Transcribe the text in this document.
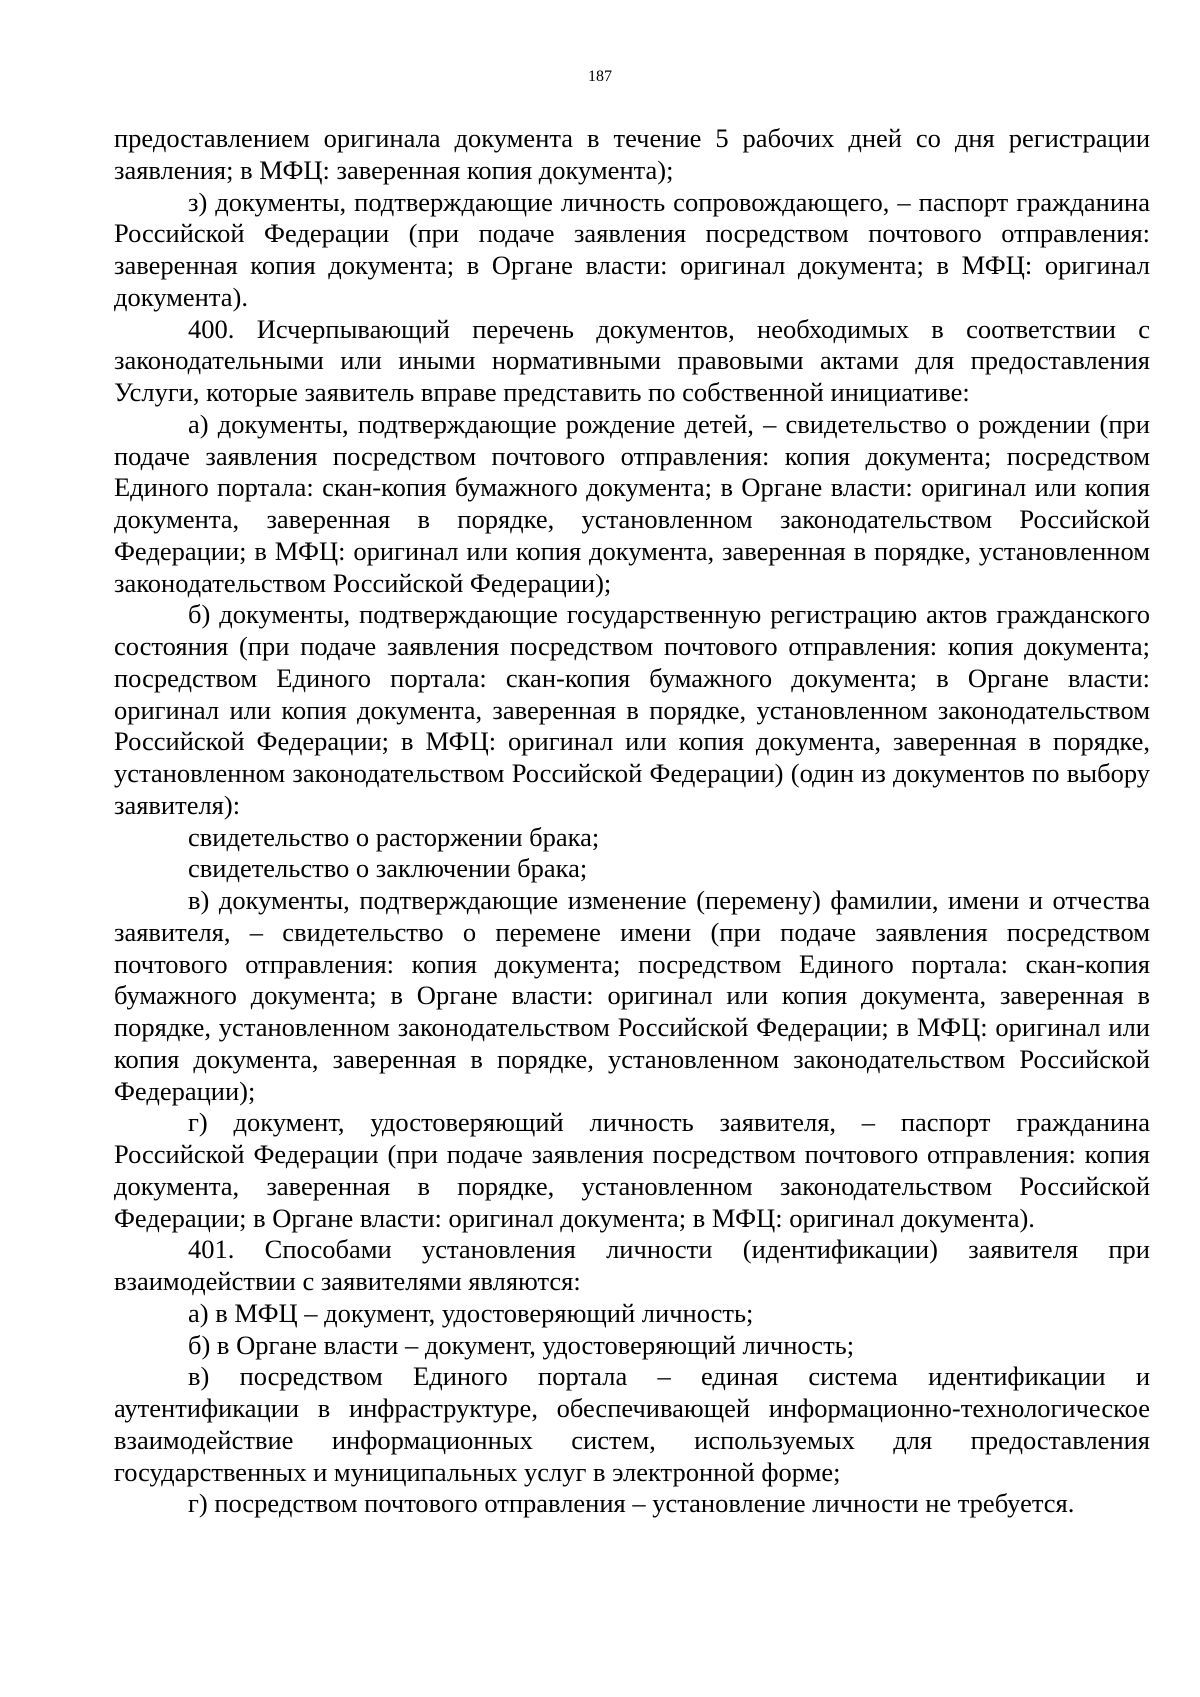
187

предоставлением оригинала документа в течение 5 рабочих дней со дня регистрации заявления; в МФЦ: заверенная копия документа);

з) документы, подтверждающие личность сопровождающего, – паспорт гражданина Российской Федерации (при подаче заявления посредством почтового отправления: заверенная копия документа; в Органе власти: оригинал документа; в МФЦ: оригинал документа).

400. Исчерпывающий перечень документов, необходимых в соответствии с законодательными или иными нормативными правовыми актами для предоставления Услуги, которые заявитель вправе представить по собственной инициативе:

а) документы, подтверждающие рождение детей, – свидетельство о рождении (при подаче заявления посредством почтового отправления: копия документа; посредством Единого портала: скан-копия бумажного документа; в Органе власти: оригинал или копия документа, заверенная в порядке, установленном законодательством Российской Федерации; в МФЦ: оригинал или копия документа, заверенная в порядке, установленном законодательством Российской Федерации);

б) документы, подтверждающие государственную регистрацию актов гражданского состояния (при подаче заявления посредством почтового отправления: копия документа; посредством Единого портала: скан-копия бумажного документа; в Органе власти: оригинал или копия документа, заверенная в порядке, установленном законодательством Российской Федерации; в МФЦ: оригинал или копия документа, заверенная в порядке, установленном законодательством Российской Федерации) (один из документов по выбору заявителя):

свидетельство о расторжении брака;

свидетельство о заключении брака;

в) документы, подтверждающие изменение (перемену) фамилии, имени и отчества заявителя, – свидетельство о перемене имени (при подаче заявления посредством почтового отправления: копия документа; посредством Единого портала: скан-копия бумажного документа; в Органе власти: оригинал или копия документа, заверенная в порядке, установленном законодательством Российской Федерации; в МФЦ: оригинал или копия документа, заверенная в порядке, установленном законодательством Российской Федерации);

г) документ, удостоверяющий личность заявителя, – паспорт гражданина Российской Федерации (при подаче заявления посредством почтового отправления: копия документа, заверенная в порядке, установленном законодательством Российской Федерации; в Органе власти: оригинал документа; в МФЦ: оригинал документа).

401. Способами установления личности (идентификации) заявителя при взаимодействии с заявителями являются:

а) в МФЦ – документ, удостоверяющий личность;

б) в Органе власти – документ, удостоверяющий личность;

в) посредством Единого портала – единая система идентификации и аутентификации в инфраструктуре, обеспечивающей информационно-технологическое взаимодействие информационных систем, используемых для предоставления государственных и муниципальных услуг в электронной форме;

г) посредством почтового отправления – установление личности не требуется.
